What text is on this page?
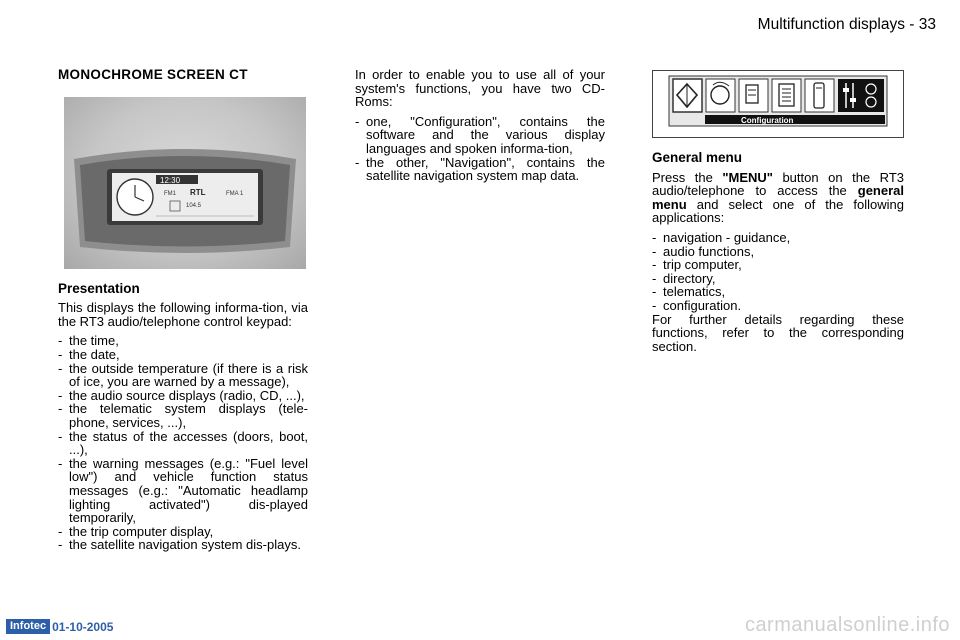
Multifunction displays - 33
MONOCHROME SCREEN CT
12:30
FM1 RTL	FMA 1
104.5
Presentation

This displays the following informa-tion, via the RT3 audio/telephone control keypad:

- the time,
- the date,
- the outside temperature (if there is a risk of ice, you are warned by a message),
- the audio source displays (radio, CD, ...),
- the telematic system displays (tele-phone, services, ...),
- the status of the accesses (doors, boot, ...),
- the warning messages (e.g.: "Fuel level low") and vehicle function status messages (e.g.: "Automatic headlamp lighting activated") dis-played temporarily,
- the trip computer display,
- the satellite navigation system dis-plays.

In order to enable you to use all of your system's functions, you have two CD-Roms:

- one, "Configuration", contains the software and the various display languages and spoken informa-tion,
- the other, "Navigation", contains the satellite navigation system map data.
Configuration
General menu

Press the "MENU" button on the RT3 audio/telephone to access the general menu and select one of the following applications:

- navigation - guidance,
- audio functions,
- trip computer,
- directory,
- telematics,
- configuration.

For further details regarding these functions, refer to the corresponding section.

Infotec 01-10-2005	carmanualsonline.info
